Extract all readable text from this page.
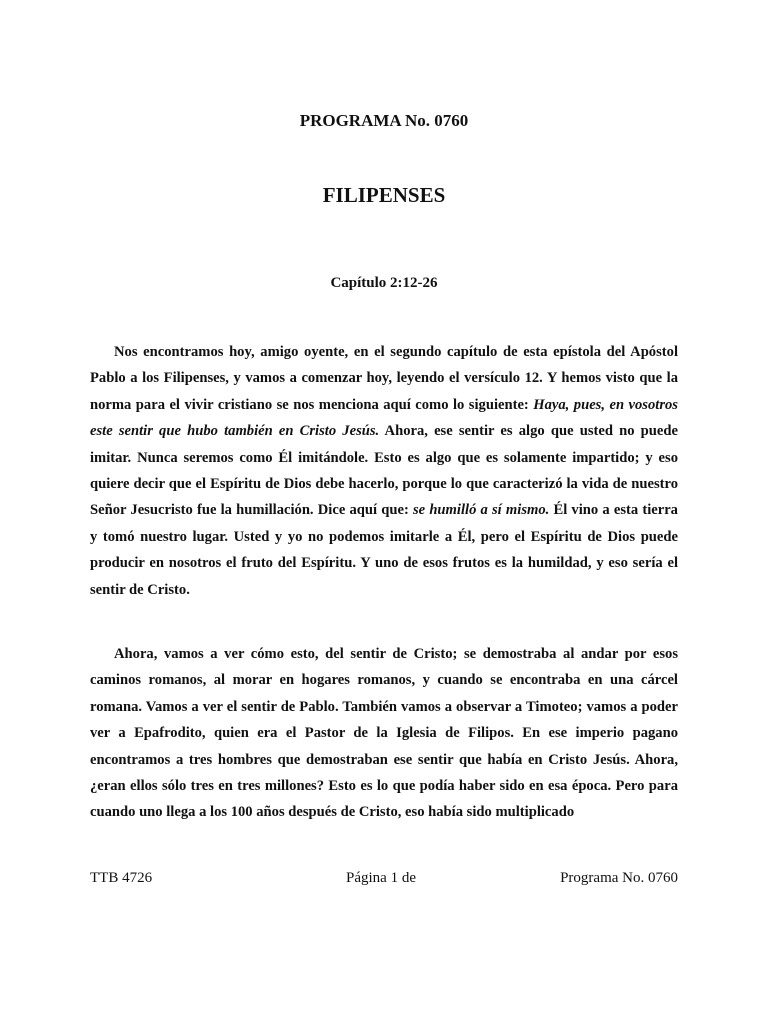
PROGRAMA No. 0760
FILIPENSES
Capítulo 2:12-26

Nos encontramos hoy, amigo oyente, en el segundo capítulo de esta epístola del Apóstol Pablo a los Filipenses, y vamos a comenzar hoy, leyendo el versículo 12. Y hemos visto que la norma para el vivir cristiano se nos menciona aquí como lo siguiente: Haya, pues, en vosotros este sentir que hubo también en Cristo Jesús. Ahora, ese sentir es algo que usted no puede imitar. Nunca seremos como Él imitándole. Esto es algo que es solamente impartido; y eso quiere decir que el Espíritu de Dios debe hacerlo, porque lo que caracterizó la vida de nuestro Señor Jesucristo fue la humillación. Dice aquí que: se humilló a sí mismo. Él vino a esta tierra y tomó nuestro lugar. Usted y yo no podemos imitarle a Él, pero el Espíritu de Dios puede producir en nosotros el fruto del Espíritu. Y uno de esos frutos es la humildad, y eso sería el sentir de Cristo.

Ahora, vamos a ver cómo esto, del sentir de Cristo; se demostraba al andar por esos caminos romanos, al morar en hogares romanos, y cuando se encontraba en una cárcel romana. Vamos a ver el sentir de Pablo. También vamos a observar a Timoteo; vamos a poder ver a Epafrodito, quien era el Pastor de la Iglesia de Filipos. En ese imperio pagano encontramos a tres hombres que demostraban ese sentir que había en Cristo Jesús. Ahora, ¿eran ellos sólo tres en tres millones? Esto es lo que podía haber sido en esa época. Pero para cuando uno llega a los 100 años después de Cristo, eso había sido multiplicado

TTB 4726	Página 1 de	Programa No. 0760
